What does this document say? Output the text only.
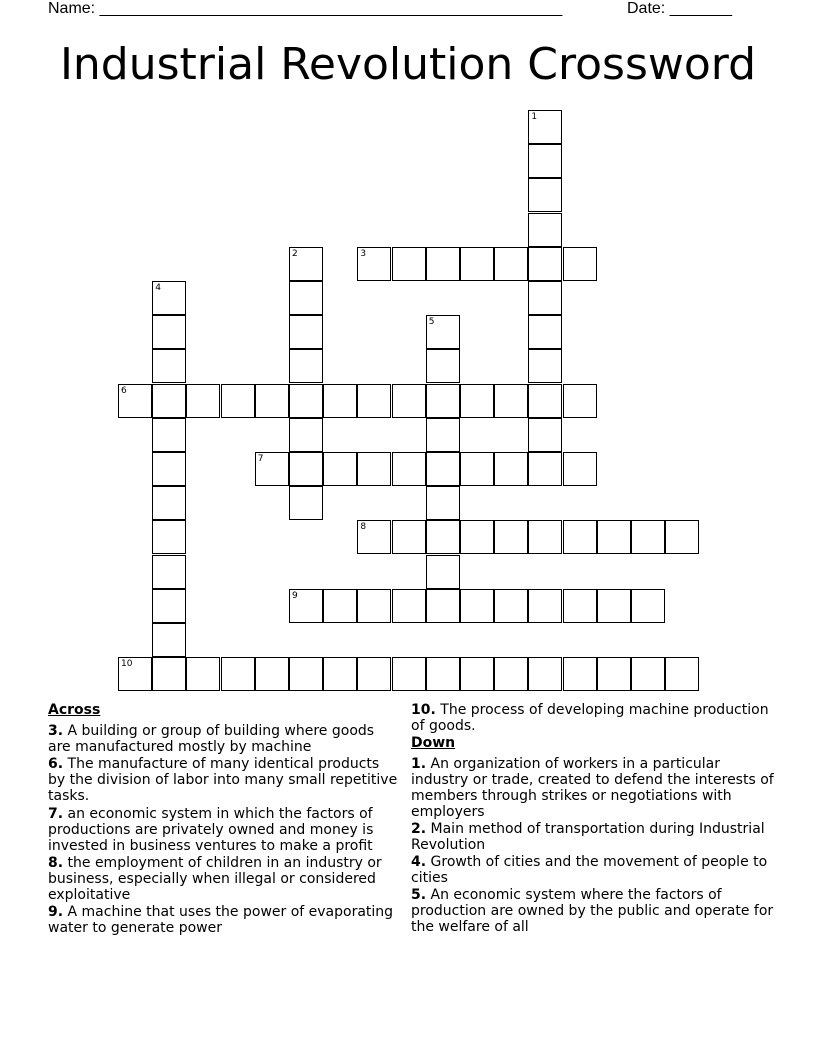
Name: ____________________________________________________	Date: _______
Industrial Revolution Crossword
1
2	3
4
5
6
7
8
9
10
Across
3. A building or group of building where goods are manufactured mostly by machine
6. The manufacture of many identical products by the division of labor into many small repetitive tasks.
7. an economic system in which the factors of productions are privately owned and money is invested in business ventures to make a profit
8. the employment of children in an industry or business, especially when illegal or considered exploitative
9. A machine that uses the power of evaporating water to generate power
10. The process of developing machine production of goods.
Down
1. An organization of workers in a particular industry or trade, created to defend the interests of members through strikes or negotiations with employers
2. Main method of transportation during Industrial Revolution
4. Growth of cities and the movement of people to cities
5. An economic system where the factors of production are owned by the public and operate for the welfare of all
